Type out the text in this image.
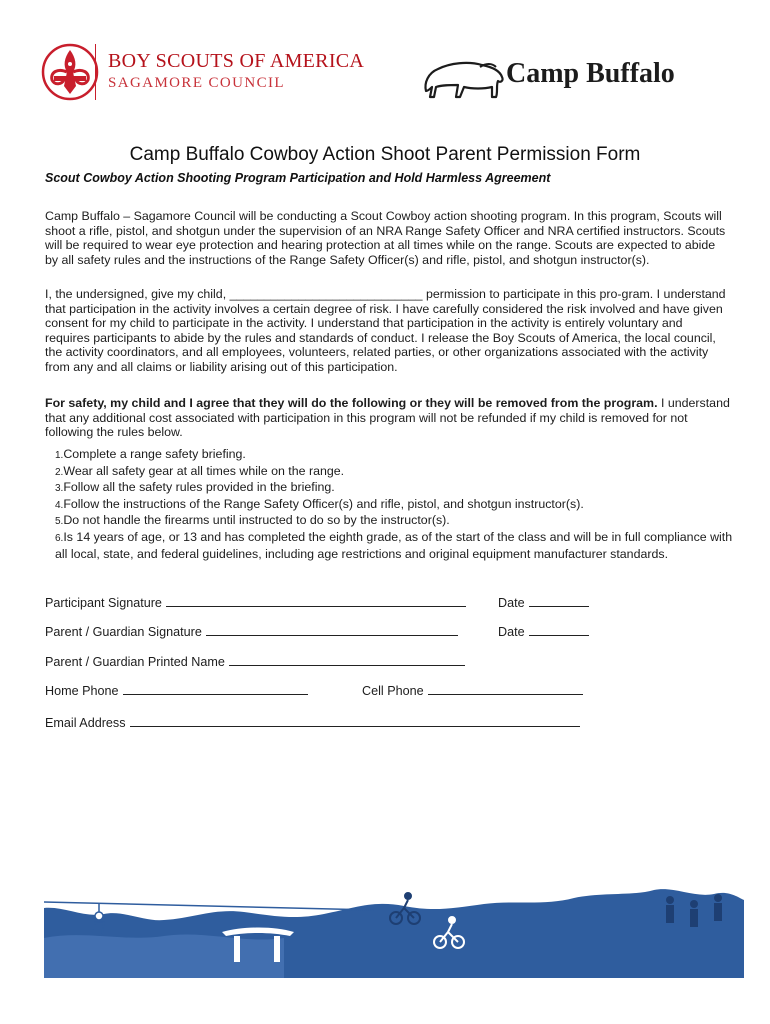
BOY SCOUTS OF AMERICA
SAGAMORE COUNCIL	Camp Buffalo
Camp Buffalo Cowboy Action Shoot Parent Permission Form
Scout Cowboy Action Shooting Program Participation and Hold Harmless Agreement
Camp Buffalo – Sagamore Council will be conducting a Scout Cowboy action shooting program. In this program, Scouts will shoot a rifle, pistol, and shotgun under the supervision of an NRA Range Safety Officer and NRA certified instructors. Scouts will be required to wear eye protection and hearing protection at all times while on the range. Scouts are expected to abide by all safety rules and the instructions of the Range Safety Officer(s) and rifle, pistol, and shotgun instructor(s).
I, the undersigned, give my child, ____________________________ permission to participate in this pro-gram. I understand that participation in the activity involves a certain degree of risk. I have carefully considered the risk involved and have given consent for my child to participate in the activity. I understand that participation in the activity is entirely voluntary and requires participants to abide by the rules and standards of conduct. I release the Boy Scouts of America, the local council, the activity coordinators, and all employees, volunteers, related parties, or other organizations associated with the activity from any and all claims or liability arising out of this participation.
For safety, my child and I agree that they will do the following or they will be removed from the program. I understand that any additional cost associated with participation in this program will not be refunded if my child is removed for not following the rules below.
1.Complete a range safety briefing.
2.Wear all safety gear at all times while on the range.
3.Follow all the safety rules provided in the briefing.
4.Follow the instructions of the Range Safety Officer(s) and rifle, pistol, and shotgun instructor(s).
5.Do not handle the firearms until instructed to do so by the instructor(s).
6.Is 14 years of age, or 13 and has completed the eighth grade, as of the start of the class and will be in full compliance with all local, state, and federal guidelines, including age restrictions and original equipment manufacturer standards.
Participant Signature	Date
Parent / Guardian Signature	Date
Parent / Guardian Printed Name
Home Phone	Cell Phone
Email Address
